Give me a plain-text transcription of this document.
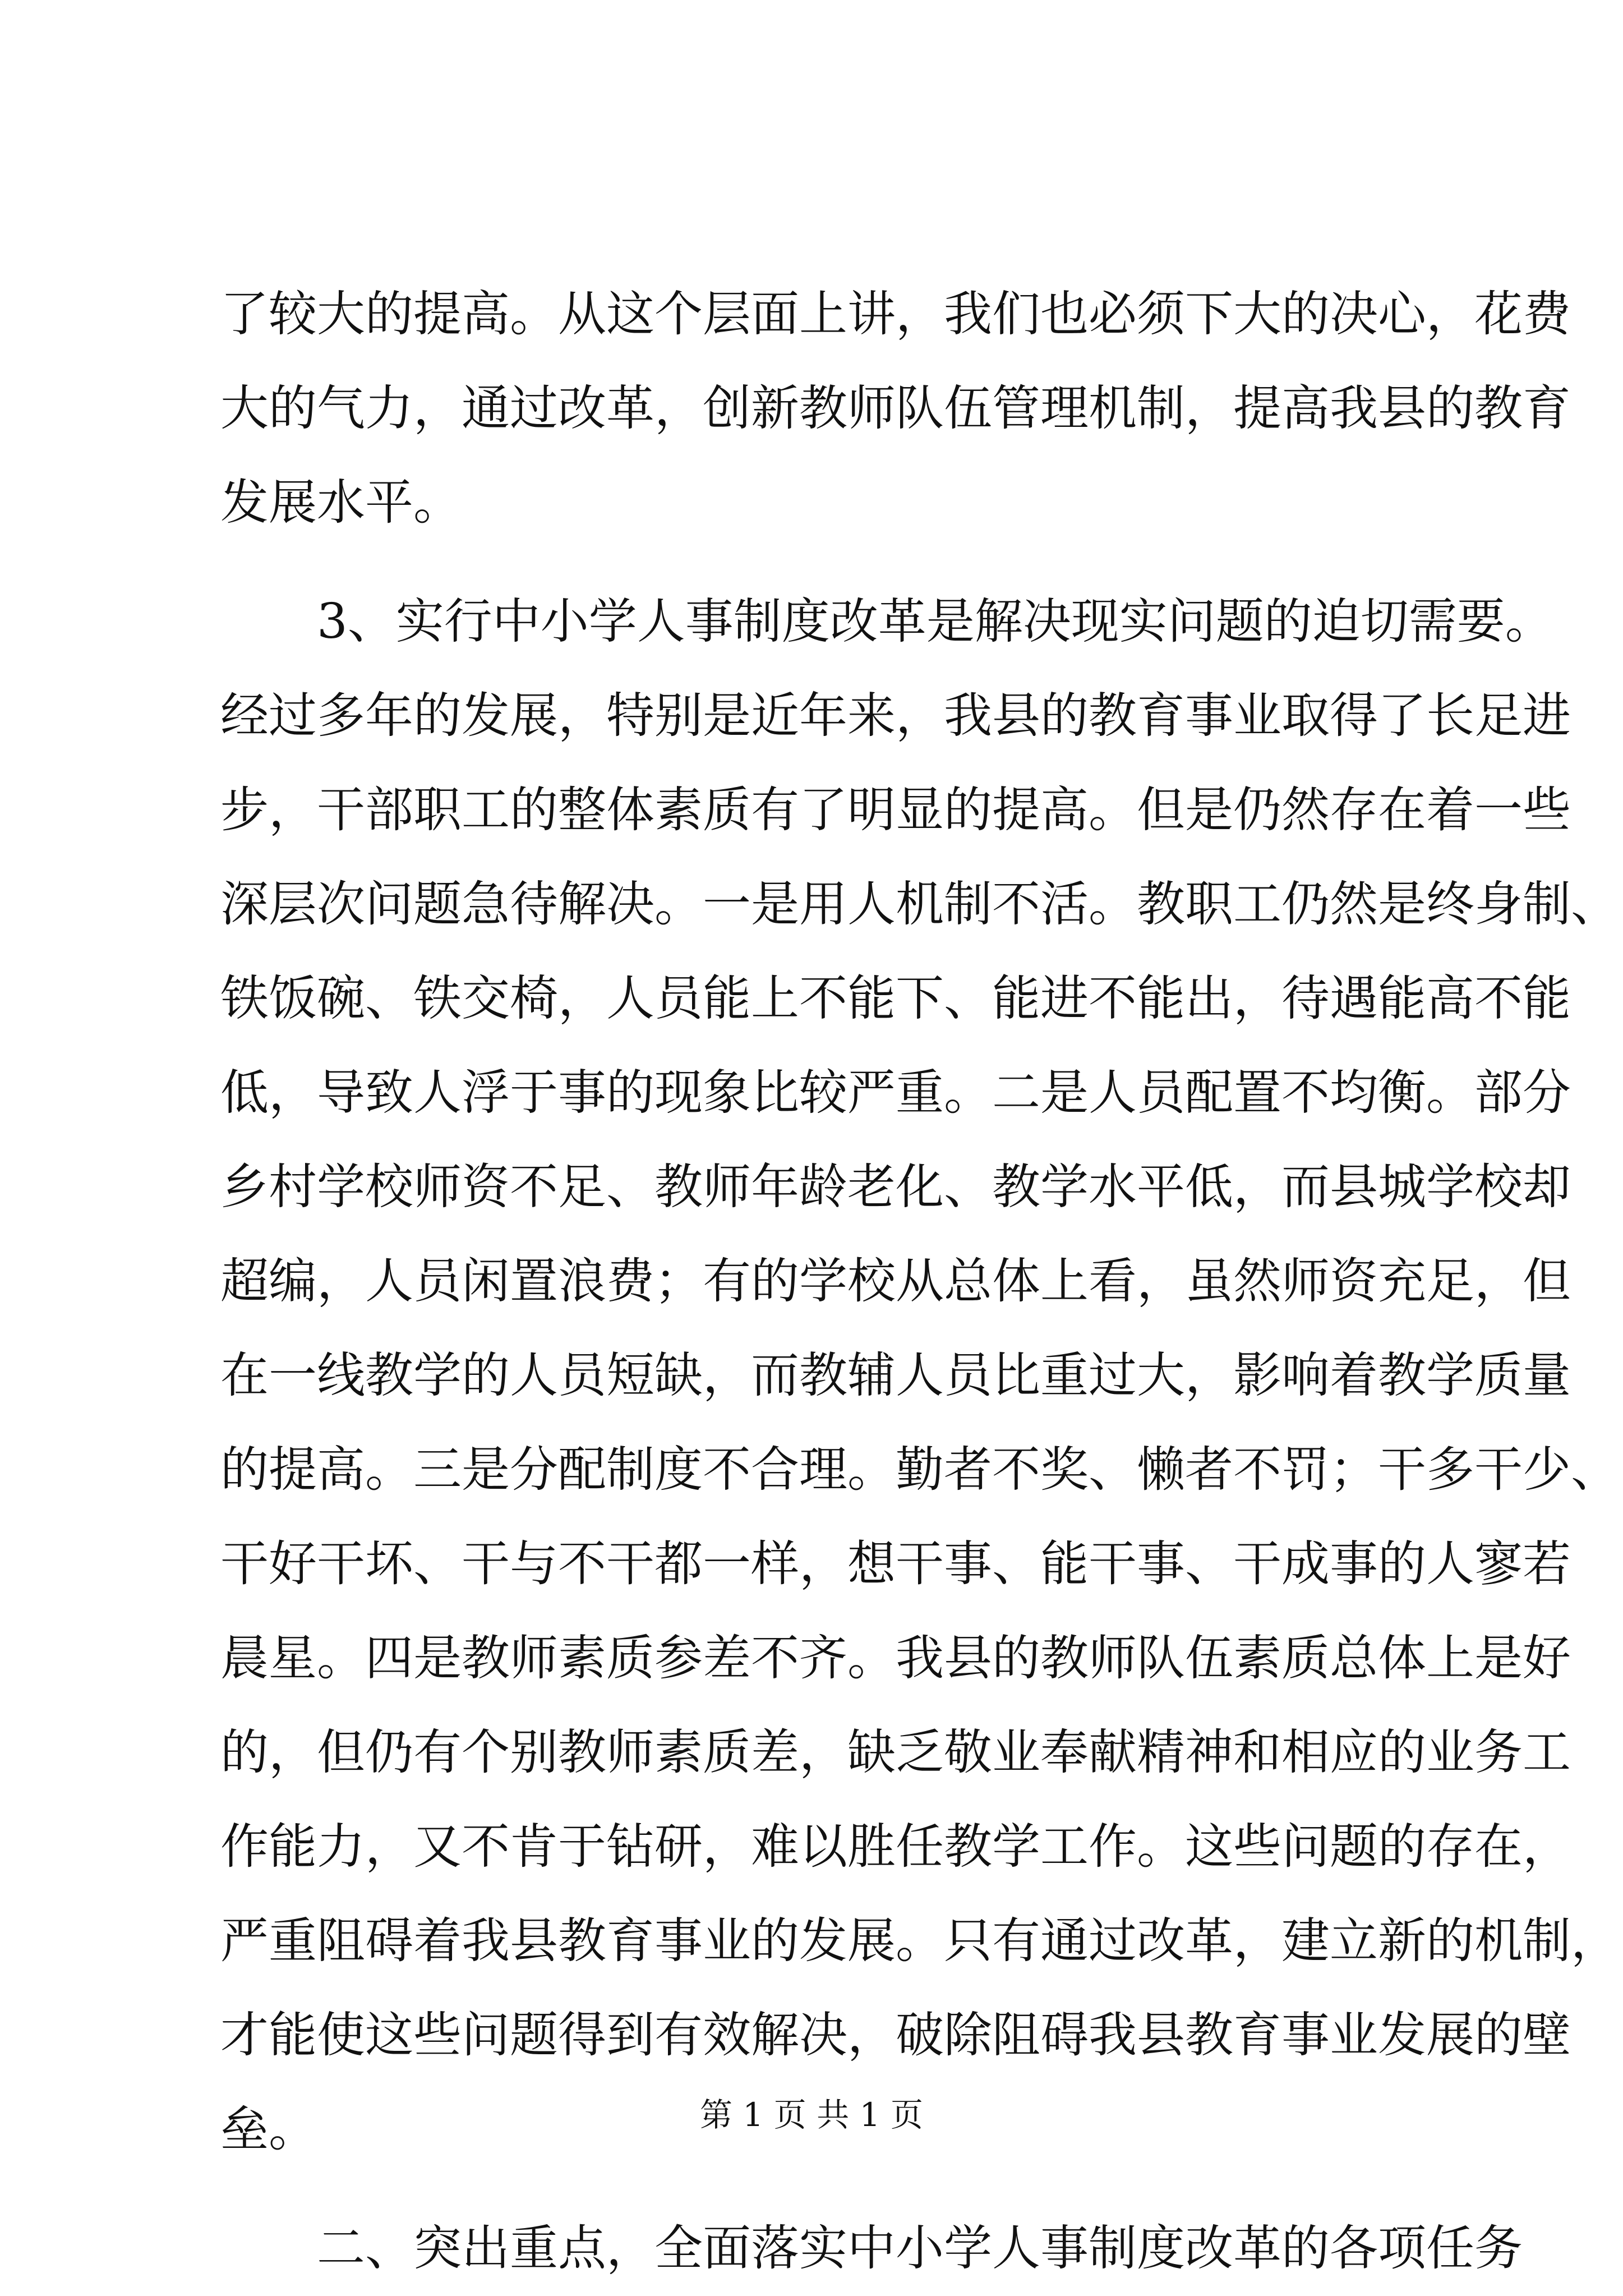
了较大的提高。从这个层面上讲，我们也必须下大的决心，花费
大的气力，通过改革，创新教师队伍管理机制，提高我县的教育
发展水平。
　　3、实行中小学人事制度改革是解决现实问题的迫切需要。
经过多年的发展，特别是近年来，我县的教育事业取得了长足进
步，干部职工的整体素质有了明显的提高。但是仍然存在着一些
深层次问题急待解决。一是用人机制不活。教职工仍然是终身制、
铁饭碗、铁交椅，人员能上不能下、能进不能出，待遇能高不能
低，导致人浮于事的现象比较严重。二是人员配置不均衡。部分
乡村学校师资不足、教师年龄老化、教学水平低，而县城学校却
超编，人员闲置浪费；有的学校从总体上看，虽然师资充足，但
在一线教学的人员短缺，而教辅人员比重过大，影响着教学质量
的提高。三是分配制度不合理。勤者不奖、懒者不罚；干多干少、
干好干坏、干与不干都一样，想干事、能干事、干成事的人寥若
晨星。四是教师素质参差不齐。我县的教师队伍素质总体上是好
的，但仍有个别教师素质差，缺乏敬业奉献精神和相应的业务工
作能力，又不肯于钻研，难以胜任教学工作。这些问题的存在，
严重阻碍着我县教育事业的发展。只有通过改革，建立新的机制，
才能使这些问题得到有效解决，破除阻碍我县教育事业发展的壁
垒。
　　二、突出重点，全面落实中小学人事制度改革的各项任务
第 1 页 共 1 页
